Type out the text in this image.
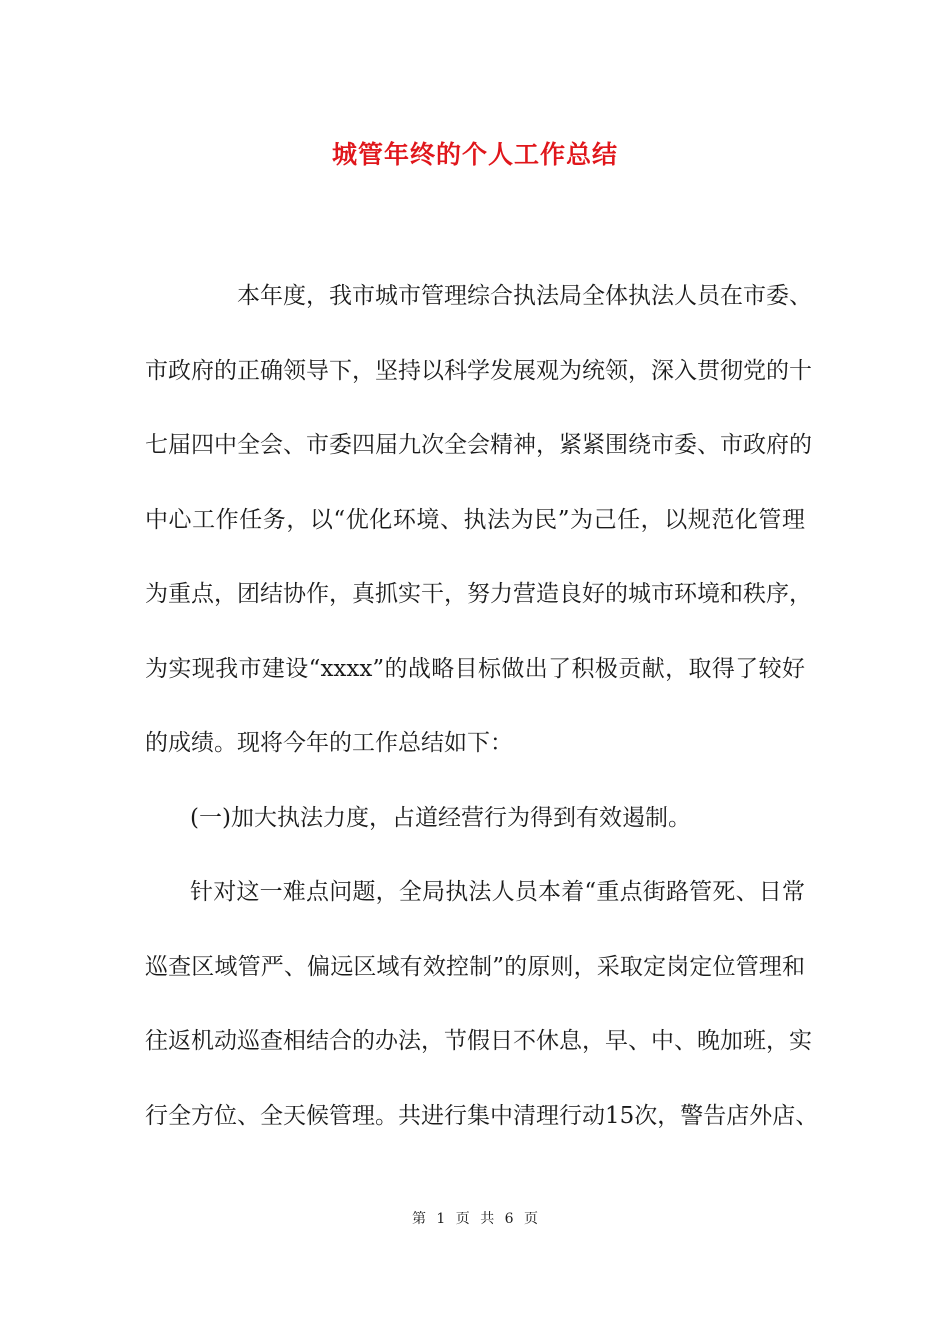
城管年终的个人工作总结
本年度，我市城市管理综合执法局全体执法人员在市委、
市政府的正确领导下，坚持以科学发展观为统领，深入贯彻党的十
七届四中全会、市委四届九次全会精神，紧紧围绕市委、市政府的
中心工作任务，以“优化环境、执法为民”为己任，以规范化管理
为重点，团结协作，真抓实干，努力营造良好的城市环境和秩序，
为实现我市建设“xxxx”的战略目标做出了积极贡献，取得了较好
的成绩。现将今年的工作总结如下：
(一)加大执法力度，占道经营行为得到有效遏制。
针对这一难点问题，全局执法人员本着“重点街路管死、日常
巡查区域管严、偏远区域有效控制”的原则，采取定岗定位管理和
往返机动巡查相结合的办法，节假日不休息，早、中、晚加班，实
行全方位、全天候管理。共进行集中清理行动15次，警告店外店、
第 1 页 共 6 页
